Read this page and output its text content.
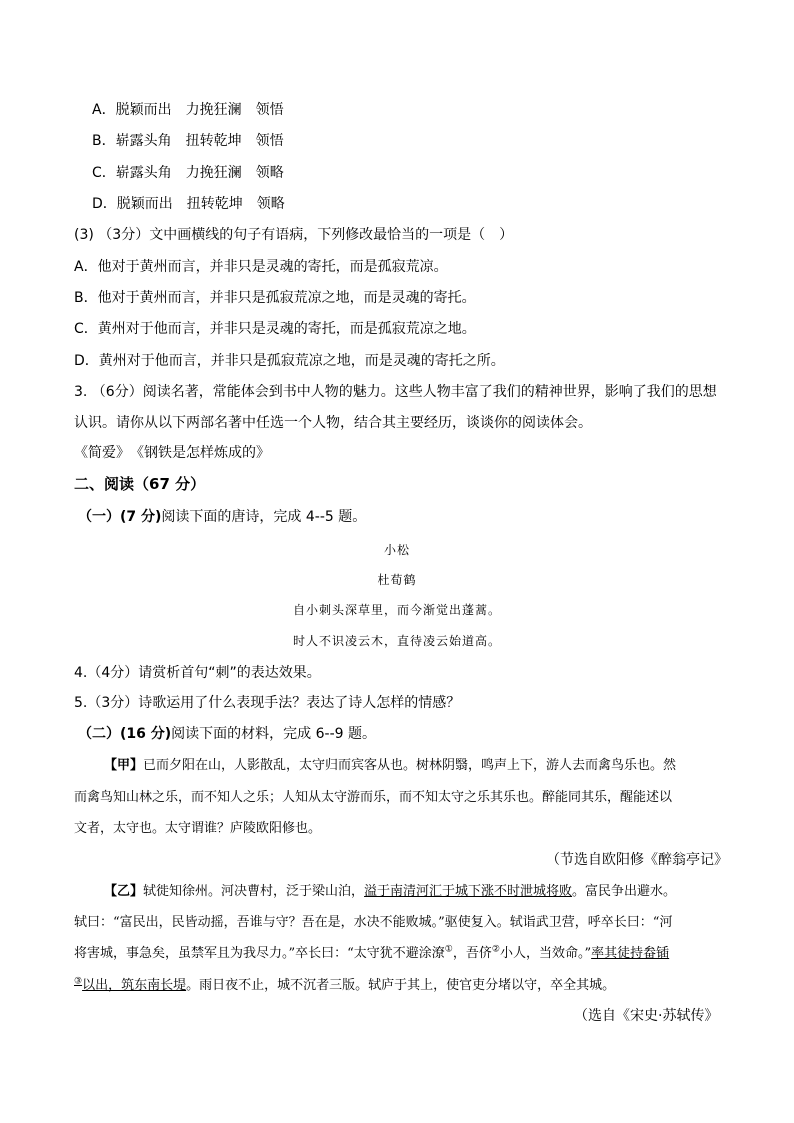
A．脱颖而出　力挽狂澜　领悟
B．崭露头角　扭转乾坤　领悟
C．崭露头角　力挽狂澜　领略
D．脱颖而出　扭转乾坤　领略
(3) （3分）文中画横线的句子有语病，下列修改最恰当的一项是（　）
A．他对于黄州而言，并非只是灵魂的寄托，而是孤寂荒凉。
B．他对于黄州而言，并非只是孤寂荒凉之地，而是灵魂的寄托。
C．黄州对于他而言，并非只是灵魂的寄托，而是孤寂荒凉之地。
D．黄州对于他而言，并非只是孤寂荒凉之地，而是灵魂的寄托之所。
3. （6分）阅读名著，常能体会到书中人物的魅力。这些人物丰富了我们的精神世界，影响了我们的思想
认识。请你从以下两部名著中任选一个人物，结合其主要经历，谈谈你的阅读体会。
《简爱》　《钢铁是怎样炼成的》
二、阅读（67 分）
（一）(7 分)阅读下面的唐诗，完成 4--5 题。
小松
杜荀鹤
自小刺头深草里，而今渐觉出蓬蒿。
时人不识凌云木，直待凌云始道高。
4.（4分）请赏析首句“刺”的表达效果。
5.（3分）诗歌运用了什么表现手法？表达了诗人怎样的情感？
（二）(16 分)阅读下面的材料，完成 6--9 题。
【甲】已而夕阳在山，人影散乱，太守归而宾客从也。树林阴翳，鸣声上下，游人去而禽鸟乐也。然
而禽鸟知山林之乐，而不知人之乐；人知从太守游而乐，而不知太守之乐其乐也。醉能同其乐，醒能述以
文者，太守也。太守谓谁？庐陵欧阳修也。
（节选自欧阳修《醉翁亭记》
【乙】轼徙知徐州。河决曹村，泛于梁山泊，溢于南清河汇于城下涨不时泄城将败。富民争出避水。
轼曰：“富民出，民皆动摇，吾谁与守？吾在是，水决不能败城。”驱使复入。轼诣武卫营，呼卒长曰：“河
将害城，事急矣，虽禁军且为我尽力。”卒长曰：“太守犹不避涂潦①，吾侪②小人，当效命。”率其徒持畚锸
③以出，筑东南长堤。雨日夜不止，城不沉者三版。轼庐于其上，使官吏分堵以守，卒全其城。
（选自《宋史·苏轼传》
